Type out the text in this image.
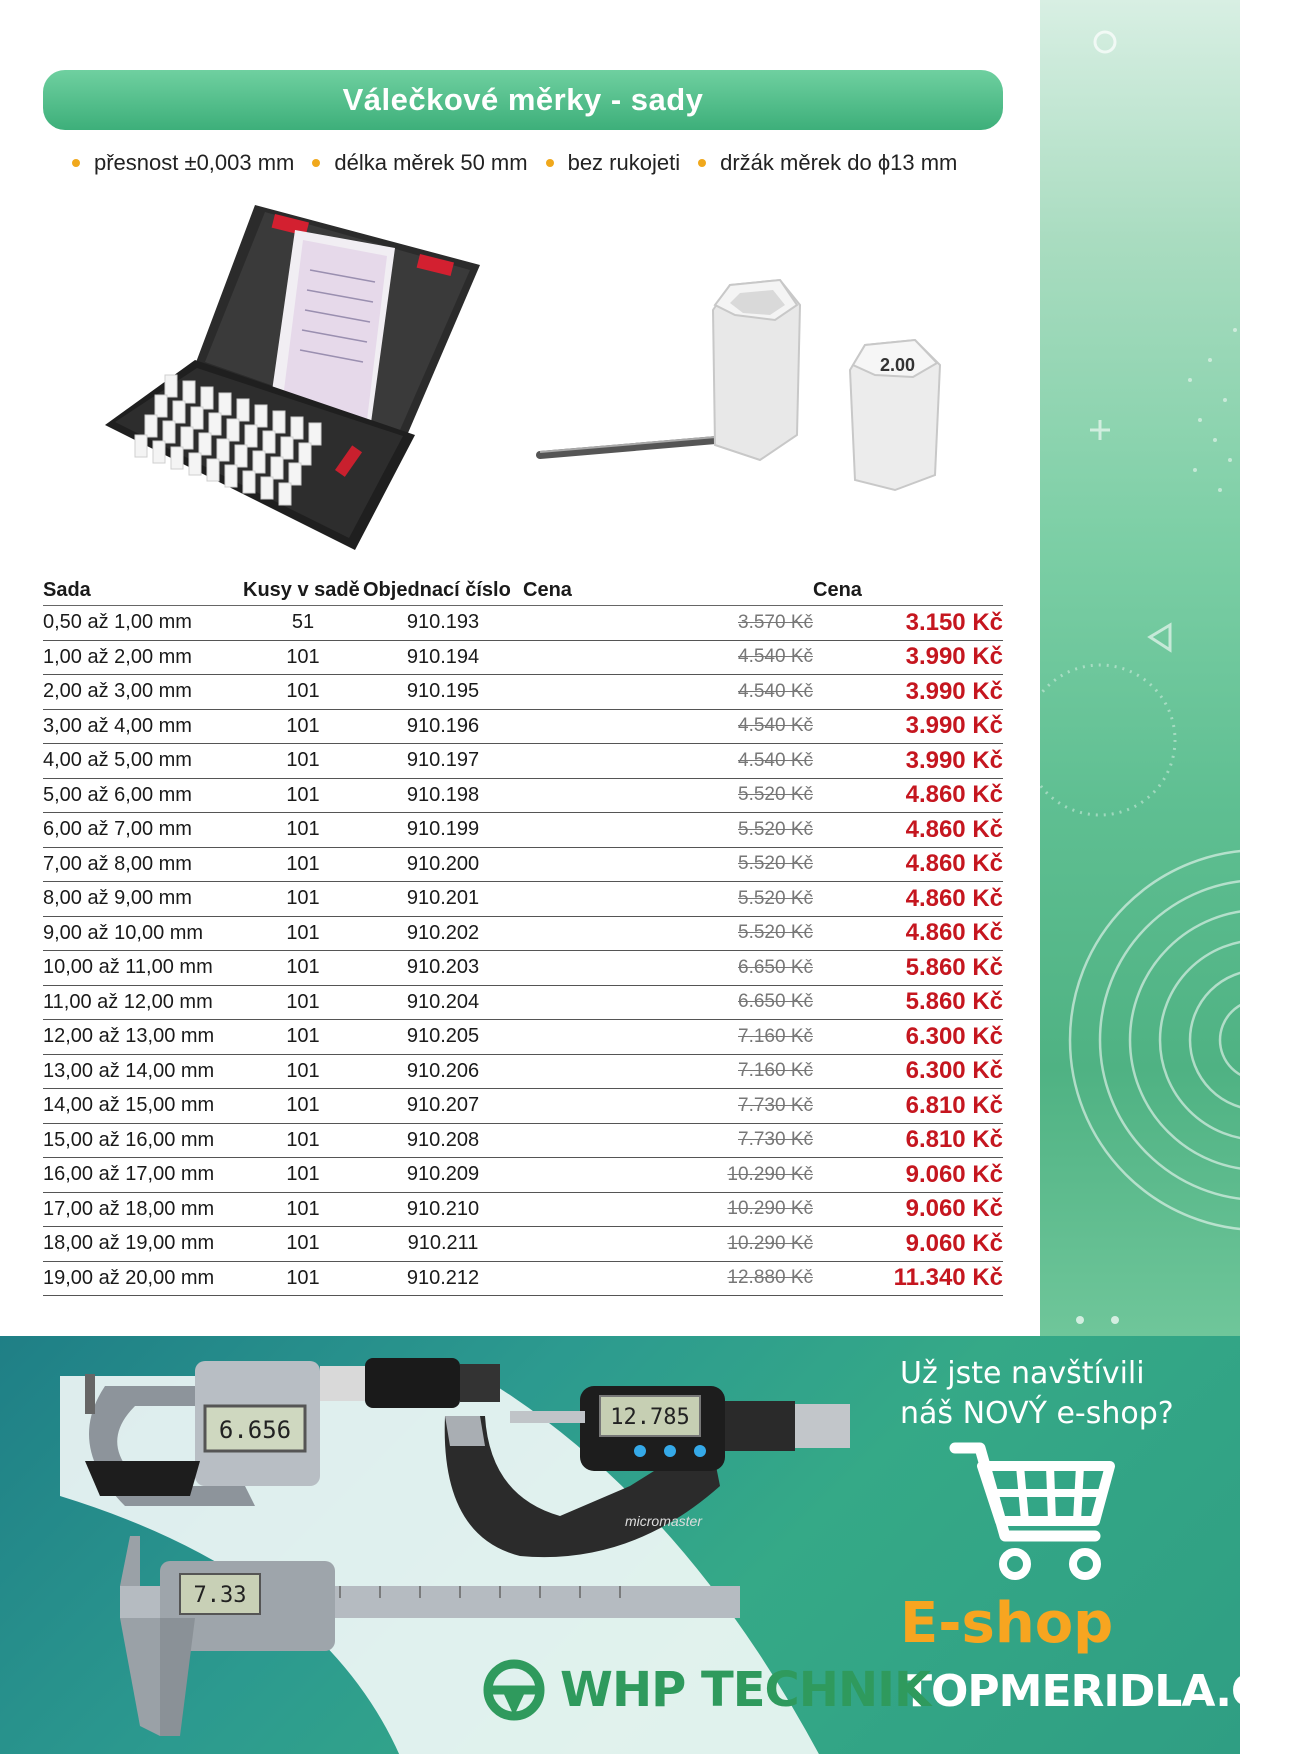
Válečkové měrky - sady
přesnost ±0,003 mm délka měrek 50 mm bez rukojeti držák měrek do ϕ13 mm
2.00
Sada	Kusy v sadě	Objednací číslo	Cena	Cena
0,50 až 1,00 mm	51	910.193	3.570 Kč	3.150 Kč
1,00 až 2,00 mm	101	910.194	4.540 Kč	3.990 Kč
2,00 až 3,00 mm	101	910.195	4.540 Kč	3.990 Kč
3,00 až 4,00 mm	101	910.196	4.540 Kč	3.990 Kč
4,00 až 5,00 mm	101	910.197	4.540 Kč	3.990 Kč
5,00 až 6,00 mm	101	910.198	5.520 Kč	4.860 Kč
6,00 až 7,00 mm	101	910.199	5.520 Kč	4.860 Kč
7,00 až 8,00 mm	101	910.200	5.520 Kč	4.860 Kč
8,00 až 9,00 mm	101	910.201	5.520 Kč	4.860 Kč
9,00 až 10,00 mm	101	910.202	5.520 Kč	4.860 Kč
10,00 až 11,00 mm	101	910.203	6.650 Kč	5.860 Kč
11,00 až 12,00 mm	101	910.204	6.650 Kč	5.860 Kč
12,00 až 13,00 mm	101	910.205	7.160 Kč	6.300 Kč
13,00 až 14,00 mm	101	910.206	7.160 Kč	6.300 Kč
14,00 až 15,00 mm	101	910.207	7.730 Kč	6.810 Kč
15,00 až 16,00 mm	101	910.208	7.730 Kč	6.810 Kč
16,00 až 17,00 mm	101	910.209	10.290 Kč	9.060 Kč
17,00 až 18,00 mm	101	910.210	10.290 Kč	9.060 Kč
18,00 až 19,00 mm	101	910.211	10.290 Kč	9.060 Kč
19,00 až 20,00 mm	101	910.212	12.880 Kč	11.340 Kč
6.656	12.785
micromaster
7.33
Už jste navštívili
náš NOVÝ e-shop?
E-shop
TOPMERIDLA.CZ
WHP TECHNIK
